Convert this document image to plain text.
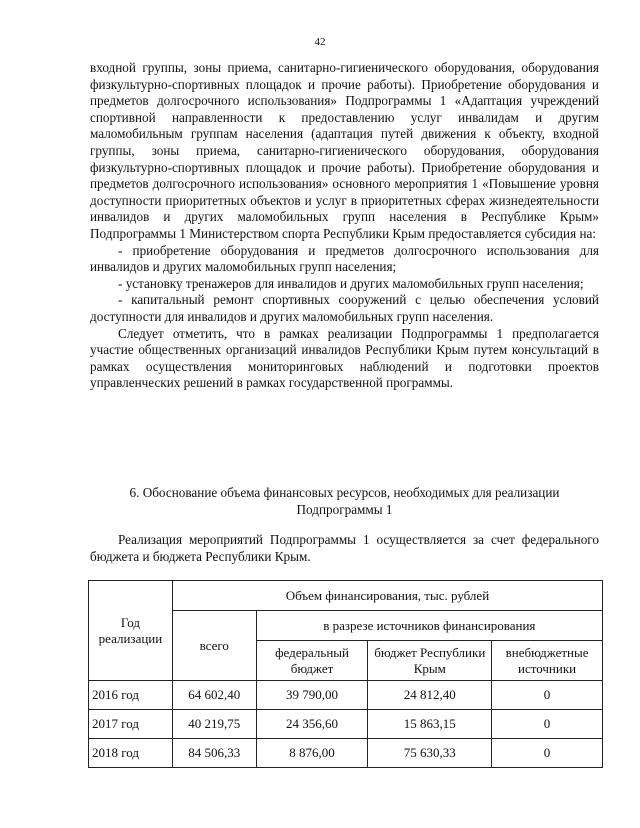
42

входной группы, зоны приема, санитарно-гигиенического оборудования, оборудования физкультурно-спортивных площадок и прочие работы). Приобретение оборудования и предметов долгосрочного использования» Подпрограммы 1 «Адаптация учреждений спортивной направленности к предоставлению услуг инвалидам и другим маломобильным группам населения (адаптация путей движения к объекту, входной группы, зоны приема, санитарно-гигиенического оборудования, оборудования физкультурно-спортивных площадок и прочие работы). Приобретение оборудования и предметов долгосрочного использования» основного мероприятия 1 «Повышение уровня доступности приоритетных объектов и услуг в приоритетных сферах жизнедеятельности инвалидов и других маломобильных групп населения в Республике Крым» Подпрограммы 1 Министерством спорта Республики Крым предоставляется субсидия на:

- приобретение оборудования и предметов долгосрочного использования для инвалидов и других маломобильных групп населения;

- установку тренажеров для инвалидов и других маломобильных групп населения;

- капитальный ремонт спортивных сооружений с целью обеспечения условий доступности для инвалидов и других маломобильных групп населения.

Следует отметить, что в рамках реализации Подпрограммы 1 предполагается участие общественных организаций инвалидов Республики Крым путем консультаций в рамках осуществления мониторинговых наблюдений и подготовки проектов управленческих решений в рамках государственной программы.

6. Обоснование объема финансовых ресурсов, необходимых для реализации
Подпрограммы 1

Реализация мероприятий Подпрограммы 1 осуществляется за счет федерального бюджета и бюджета Республики Крым.

Год реализации	Объем финансирования, тыс. рублей			
	всего	в разрезе источников финансирования		
		федеральный бюджет	бюджет Республики Крым	внебюджетные источники
2016 год	64 602,40	39 790,00	24 812,40	0
2017 год	40 219,75	24 356,60	15 863,15	0
2018 год	84 506,33	8 876,00	75 630,33	0
